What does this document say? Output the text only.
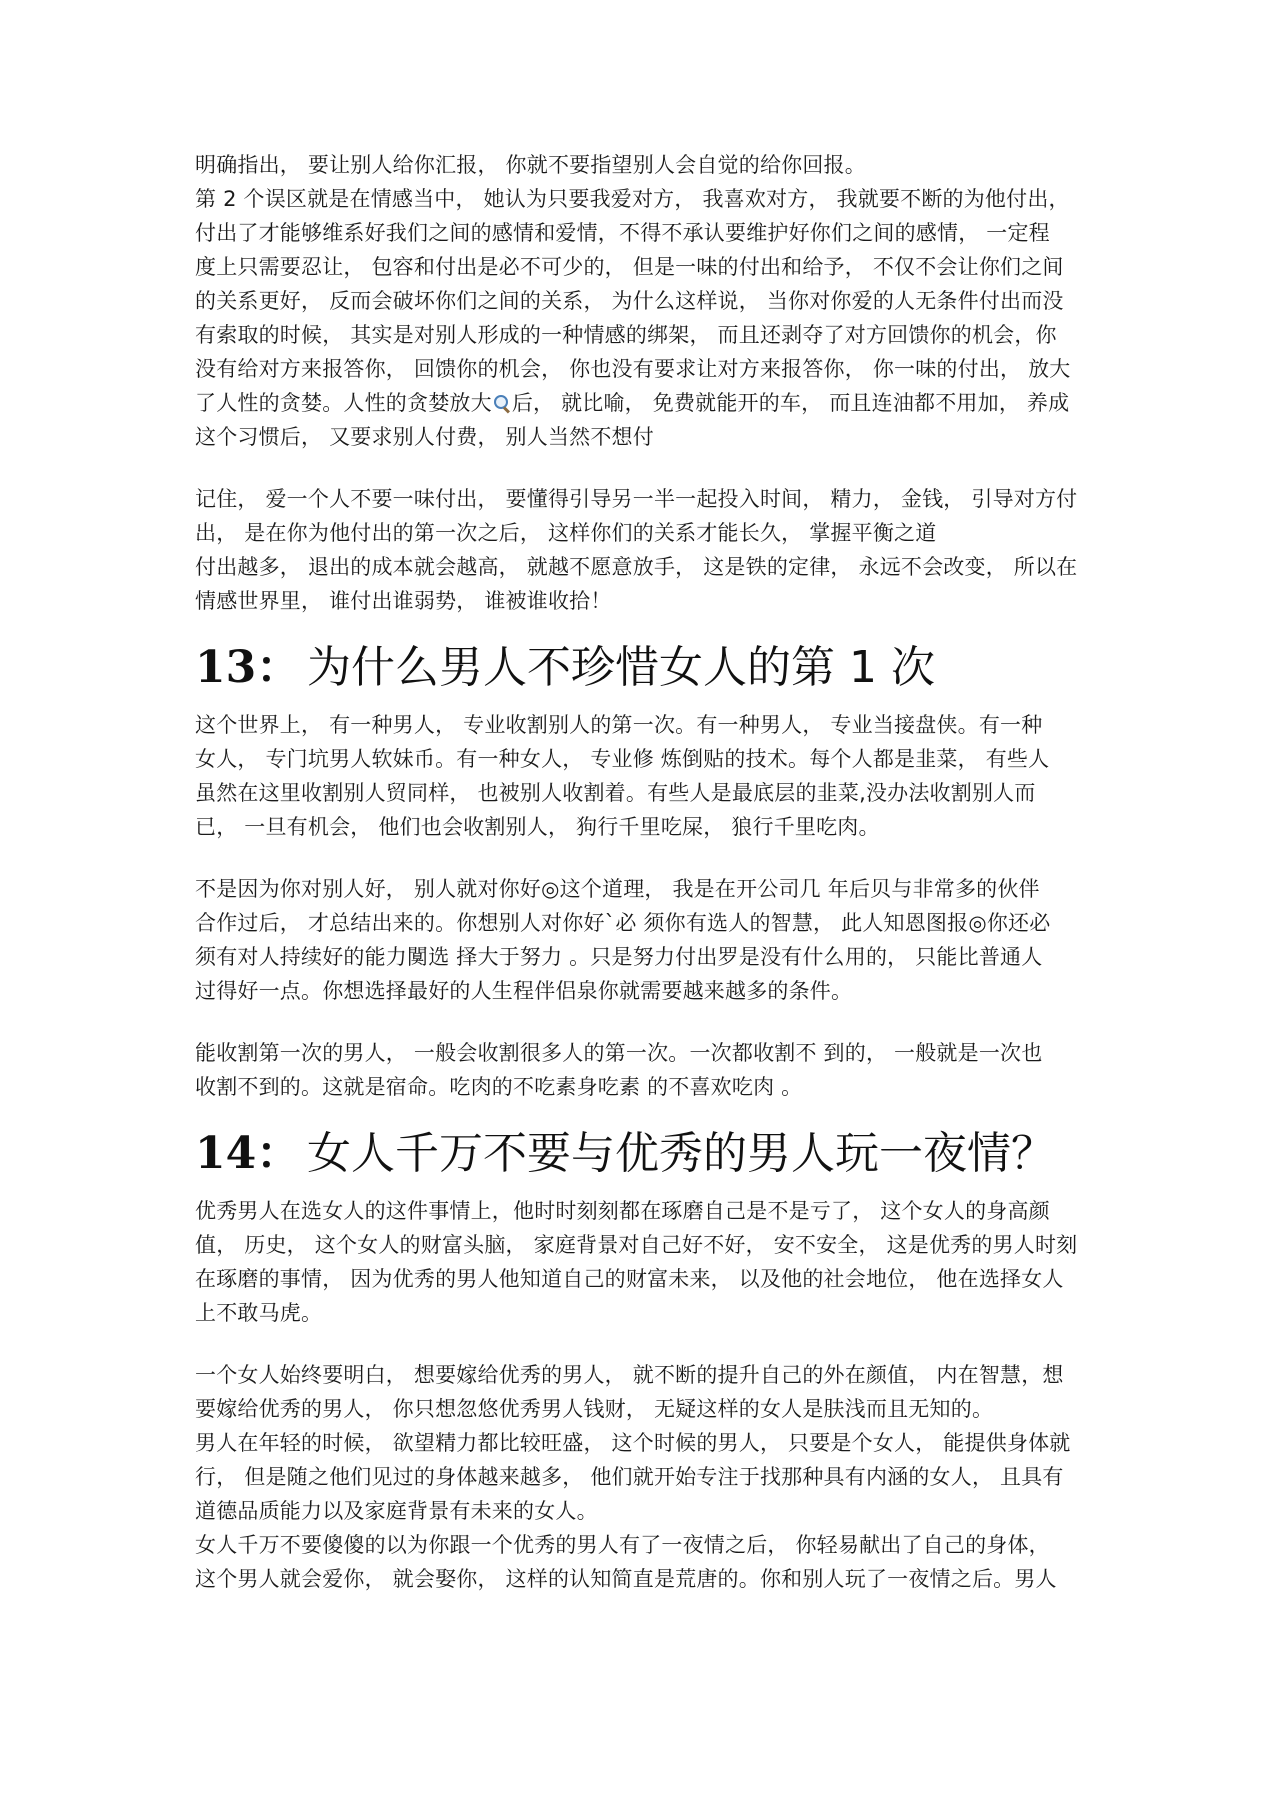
明确指出， 要让别人给你汇报， 你就不要指望别人会自觉的给你回报。
第 2 个误区就是在情感当中， 她认为只要我爱对方， 我喜欢对方， 我就要不断的为他付出，
付出了才能够维系好我们之间的感情和爱情，不得不承认要维护好你们之间的感情， 一定程
度上只需要忍让， 包容和付出是必不可少的， 但是一味的付出和给予， 不仅不会让你们之间
的关系更好， 反而会破坏你们之间的关系， 为什么这样说， 当你对你爱的人无条件付出而没
有索取的时候， 其实是对别人形成的一种情感的绑架， 而且还剥夺了对方回馈你的机会，你
没有给对方来报答你， 回馈你的机会， 你也没有要求让对方来报答你， 你一味的付出， 放大
了人性的贪婪。人性的贪婪放大 后， 就比喻， 免费就能开的车， 而且连油都不用加， 养成
这个习惯后， 又要求别人付费， 别人当然不想付
记住， 爱一个人不要一味付出， 要懂得引导另一半一起投入时间， 精力， 金钱， 引导对方付
出， 是在你为他付出的第一次之后， 这样你们的关系才能长久， 掌握平衡之道
付出越多， 退出的成本就会越高， 就越不愿意放手， 这是铁的定律， 永远不会改变， 所以在
情感世界里， 谁付出谁弱势， 谁被谁收拾！
13： 为什么男人不珍惜女人的第 1 次
这个世界上， 有一种男人， 专业收割别人的第一次。有一种男人， 专业当接盘侠。有一种
女人， 专门坑男人软妹币。有一种女人， 专业修 炼倒贴的技术。每个人都是韭菜， 有些人
虽然在这里收割别人贸同样， 也被别人收割着。有些人是最底层的韭菜,没办法收割别人而
已， 一旦有机会， 他们也会收割别人， 狗行千里吃屎， 狼行千里吃肉。
不是因为你对别人好， 别人就对你好◎这个道理， 我是在开公司几 年后贝与非常多的伙伴
合作过后， 才总结出来的。你想别人对你好`必 须你有选人的智慧， 此人知恩图报◎你还必
须有对人持续好的能力闃选 择大于努力 。只是努力付出罗是没有什么用的， 只能比普通人
过得好一点。你想选择最好的人生程伴侣泉你就需要越来越多的条件。
能收割第一次的男人， 一般会收割很多人的第一次。一次都收割不 到的， 一般就是一次也
收割不到的。这就是宿命。吃肉的不吃素身吃素 的不喜欢吃肉 。
14： 女人千万不要与优秀的男人玩一夜情？
优秀男人在选女人的这件事情上，他时时刻刻都在琢磨自己是不是亏了， 这个女人的身高颜
值， 历史， 这个女人的财富头脑， 家庭背景对自己好不好， 安不安全， 这是优秀的男人时刻
在琢磨的事情， 因为优秀的男人他知道自己的财富未来， 以及他的社会地位， 他在选择女人
上不敢马虎。
一个女人始终要明白， 想要嫁给优秀的男人， 就不断的提升自己的外在颜值， 内在智慧，想
要嫁给优秀的男人， 你只想忽悠优秀男人钱财， 无疑这样的女人是肤浅而且无知的。
男人在年轻的时候， 欲望精力都比较旺盛， 这个时候的男人， 只要是个女人， 能提供身体就
行， 但是随之他们见过的身体越来越多， 他们就开始专注于找那种具有内涵的女人， 且具有
道德品质能力以及家庭背景有未来的女人。
女人千万不要傻傻的以为你跟一个优秀的男人有了一夜情之后， 你轻易献出了自己的身体，
这个男人就会爱你， 就会娶你， 这样的认知简直是荒唐的。你和别人玩了一夜情之后。男人
